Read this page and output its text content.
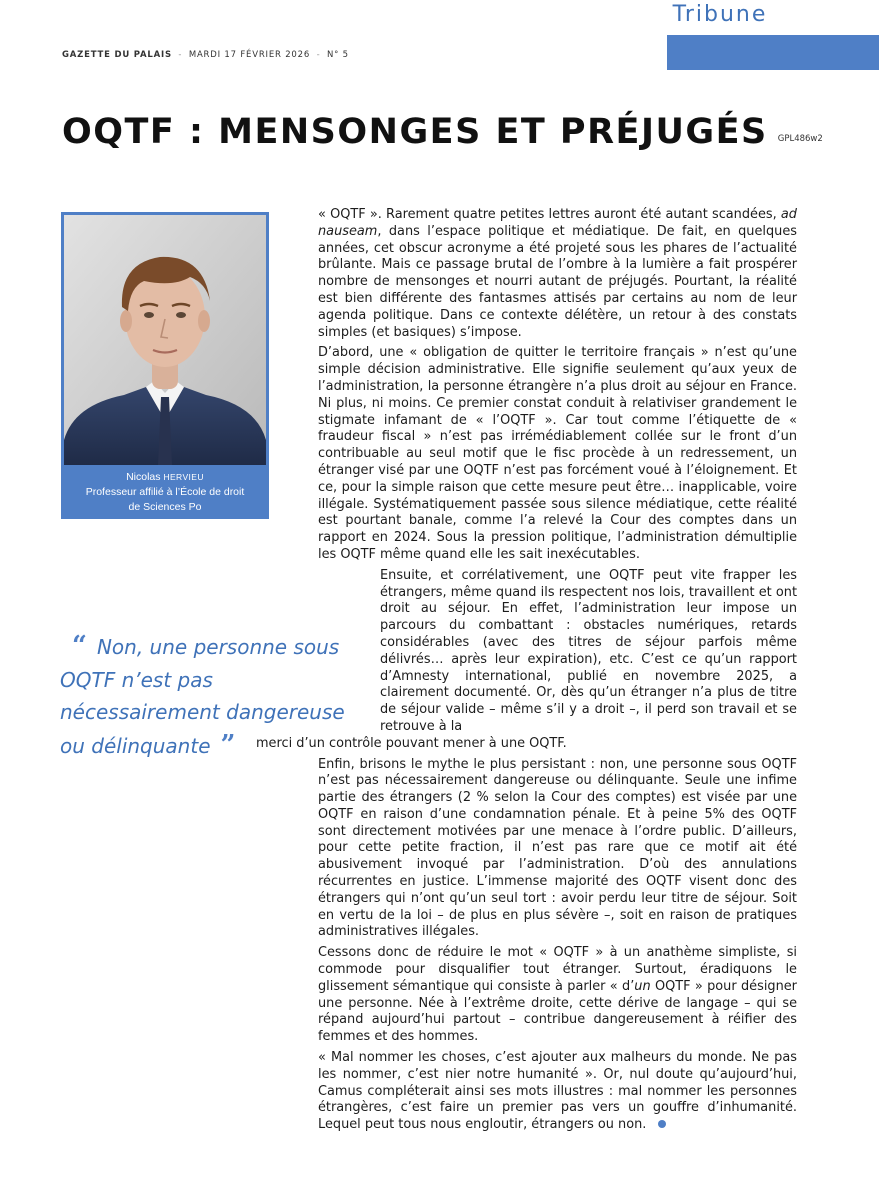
GAZETTE DU PALAIS - MARDI 17 FÉVRIER 2026 - N° 5
Tribune
OQTF : MENSONGES ET PRÉJUGÉS GPL486w2
Nicolas HERVIEU
Professeur affilié à l’École de droit
de Sciences Po
“ Non, une personne sous OQTF n’est pas nécessairement dangereuse ou délinquante ”

« OQTF ». Rarement quatre petites lettres auront été autant scandées, ad nauseam, dans l’espace politique et médiatique. De fait, en quelques années, cet obscur acronyme a été projeté sous les phares de l’actualité brûlante. Mais ce passage brutal de l’ombre à la lumière a fait prospérer nombre de mensonges et nourri autant de préjugés. Pourtant, la réalité est bien différente des fantasmes attisés par certains au nom de leur agenda politique. Dans ce contexte délétère, un retour à des constats simples (et basiques) s’impose.

D’abord, une « obligation de quitter le territoire français » n’est qu’une simple décision administrative. Elle signifie seulement qu’aux yeux de l’administration, la personne étrangère n’a plus droit au séjour en France. Ni plus, ni moins. Ce premier constat conduit à relativiser grandement le stigmate infamant de « l’OQTF ». Car tout comme l’étiquette de « fraudeur fiscal » n’est pas irrémédiablement collée sur le front d’un contribuable au seul motif que le fisc procède à un redressement, un étranger visé par une OQTF n’est pas forcément voué à l’éloignement. Et ce, pour la simple raison que cette mesure peut être… inapplicable, voire illégale. Systématiquement passée sous silence médiatique, cette réalité est pourtant banale, comme l’a relevé la Cour des comptes dans un rapport en 2024. Sous la pression politique, l’administration démultiplie les OQTF même quand elle les sait inexécutables.

Ensuite, et corrélativement, une OQTF peut vite frapper les étrangers, même quand ils respectent nos lois, travaillent et ont droit au séjour. En effet, l’administration leur impose un parcours du combattant : obstacles numériques, retards considérables (avec des titres de séjour parfois même délivrés… après leur expiration), etc. C’est ce qu’un rapport d’Amnesty international, publié en novembre 2025, a clairement documenté. Or, dès qu’un étranger n’a plus de titre de séjour valide – même s’il y a droit –, il perd son travail et se retrouve à la

merci d’un contrôle pouvant mener à une OQTF.

Enfin, brisons le mythe le plus persistant : non, une personne sous OQTF n’est pas nécessairement dangereuse ou délinquante. Seule une infime partie des étrangers (2 % selon la Cour des comptes) est visée par une OQTF en raison d’une condamnation pénale. Et à peine 5% des OQTF sont directement motivées par une menace à l’ordre public. D’ailleurs, pour cette petite fraction, il n’est pas rare que ce motif ait été abusivement invoqué par l’administration. D’où des annulations récurrentes en justice. L’immense majorité des OQTF visent donc des étrangers qui n’ont qu’un seul tort : avoir perdu leur titre de séjour. Soit en vertu de la loi – de plus en plus sévère –, soit en raison de pratiques administratives illégales.

Cessons donc de réduire le mot « OQTF » à un anathème simpliste, si commode pour disqualifier tout étranger. Surtout, éradiquons le glissement sémantique qui consiste à parler « d’un OQTF » pour désigner une personne. Née à l’extrême droite, cette dérive de langage – qui se répand aujourd’hui partout – contribue dangereusement à réifier des femmes et des hommes.

« Mal nommer les choses, c’est ajouter aux malheurs du monde. Ne pas les nommer, c’est nier notre humanité ». Or, nul doute qu’aujourd’hui, Camus compléterait ainsi ses mots illustres : mal nommer les personnes étrangères, c’est faire un premier pas vers un gouffre d’inhumanité. Lequel peut tous nous engloutir, étrangers ou non.
